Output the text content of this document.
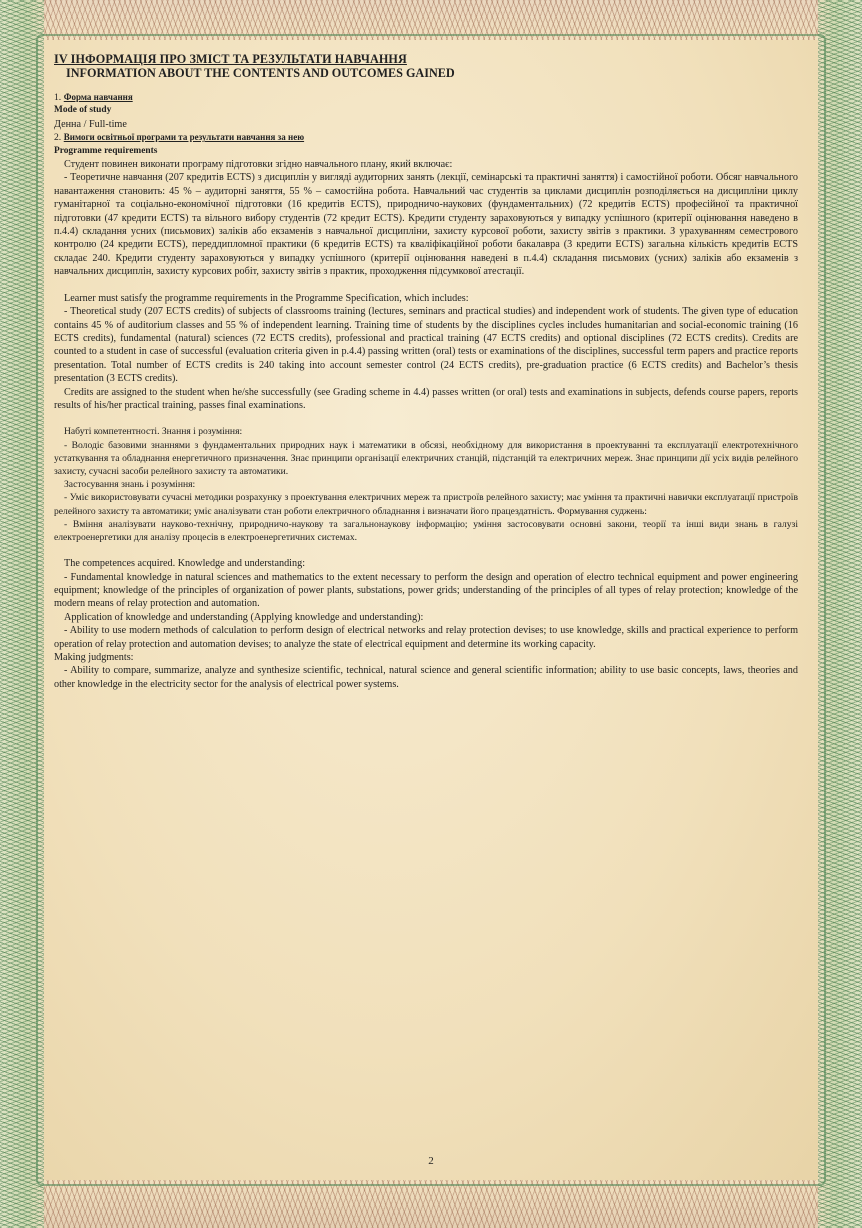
IV ІНФОРМАЦІЯ ПРО ЗМІСТ ТА РЕЗУЛЬТАТИ НАВЧАННЯ
INFORMATION ABOUT THE CONTENTS AND OUTCOMES GAINED

1. Форма навчання

Mode of study

Денна / Full-time

2. Вимоги освітньої програми та результати навчання за нею

Programme requirements

Студент повинен виконати програму підготовки згідно навчального плану, який включає:

- Теоретичне навчання (207 кредитів ECTS) з дисциплін у вигляді аудиторних занять (лекції, семінарські та практичні заняття) і самостійної роботи. Обсяг навчального навантаження становить: 45 % – аудиторні заняття, 55 % – самостійна робота. Навчальний час студентів за циклами дисциплін розподіляється на дисципліни циклу гуманітарної та соціально-економічної підготовки (16 кредитів ECTS), природничо-наукових (фундаментальних) (72 кредитів ECTS) професійної та практичної підготовки (47 кредити ECTS) та вільного вибору студентів (72 кредит ECTS). Кредити студенту зараховуються у випадку успішного (критерії оцінювання наведено в п.4.4) складання усних (письмових) заліків або екзаменів з навчальної дисципліни, захисту курсової роботи, захисту звітів з практики. З урахуванням семестрового контролю (24 кредити ECTS), переддипломної практики (6 кредитів ECTS) та кваліфікаційної роботи бакалавра (3 кредити ECTS) загальна кількість кредитів ECTS складає 240. Кредити студенту зараховуються у випадку успішного (критерії оцінювання наведені в п.4.4) складання письмових (усних) заліків або екзаменів з навчальних дисциплін, захисту курсових робіт, захисту звітів з практик, проходження підсумкової атестації.

Learner must satisfy the programme requirements in the Programme Specification, which includes:

- Theoretical study (207 ECTS credits) of subjects of classrooms training (lectures, seminars and practical studies) and independent work of students. The given type of education contains 45 % of auditorium classes and 55 % of independent learning. Training time of students by the disciplines cycles includes humanitarian and social-economic training (16 ECTS credits), fundamental (natural) sciences (72 ECTS credits), professional and practical training (47 ECTS credits) and optional disciplines (72 ECTS credits). Credits are counted to a student in case of successful (evaluation criteria given in p.4.4) passing written (oral) tests or examinations of the disciplines, successful term papers and practice reports presentation. Total number of ECTS credits is 240 taking into account semester control (24 ECTS credits), pre-graduation practice (6 ECTS credits) and Bachelor’s thesis presentation (3 ECTS credits).

Credits are assigned to the student when he/she successfully (see Grading scheme in 4.4) passes written (or oral) tests and examinations in subjects, defends course papers, reports results of his/her practical training, passes final examinations.

Набуті компетентності. Знання і розуміння:

- Володіє базовими знаннями з фундаментальних природних наук і математики в обсязі, необхідному для використання в проектуванні та експлуатації електротехнічного устаткування та обладнання енергетичного призначення. Знає принципи організації електричних станцій, підстанцій та електричних мереж. Знає принципи дії усіх видів релейного захисту, сучасні засоби релейного захисту та автоматики.

Застосування знань і розуміння:

- Уміє використовувати сучасні методики розрахунку з проектування електричних мереж та пристроїв релейного захисту; має уміння та практичні навички експлуатації пристроїв релейного захисту та автоматики; уміє аналізувати стан роботи електричного обладнання і визначати його працездатність. Формування суджень:

- Вміння аналізувати науково-технічну, природничо-наукову та загальнонаукову інформацію; уміння застосовувати основні закони, теорії та інші види знань в галузі електроенергетики для аналізу процесів в електроенергетичних системах.

The competences acquired. Knowledge and understanding:

- Fundamental knowledge in natural sciences and mathematics to the extent necessary to perform the design and operation of electro technical equipment and power engineering equipment; knowledge of the principles of organization of power plants, substations, power grids; understanding of the principles of all types of relay protection; knowledge of the modern means of relay protection and automation.

Application of knowledge and understanding (Applying knowledge and understanding):

- Ability to use modern methods of calculation to perform design of electrical networks and relay protection devises; to use knowledge, skills and practical experience to perform operation of relay protection and automation devises; to analyze the state of electrical equipment and determine its working capacity.

Making judgments:

- Ability to compare, summarize, analyze and synthesize scientific, technical, natural science and general scientific information; ability to use basic concepts, laws, theories and other knowledge in the electricity sector for the analysis of electrical power systems.

2
